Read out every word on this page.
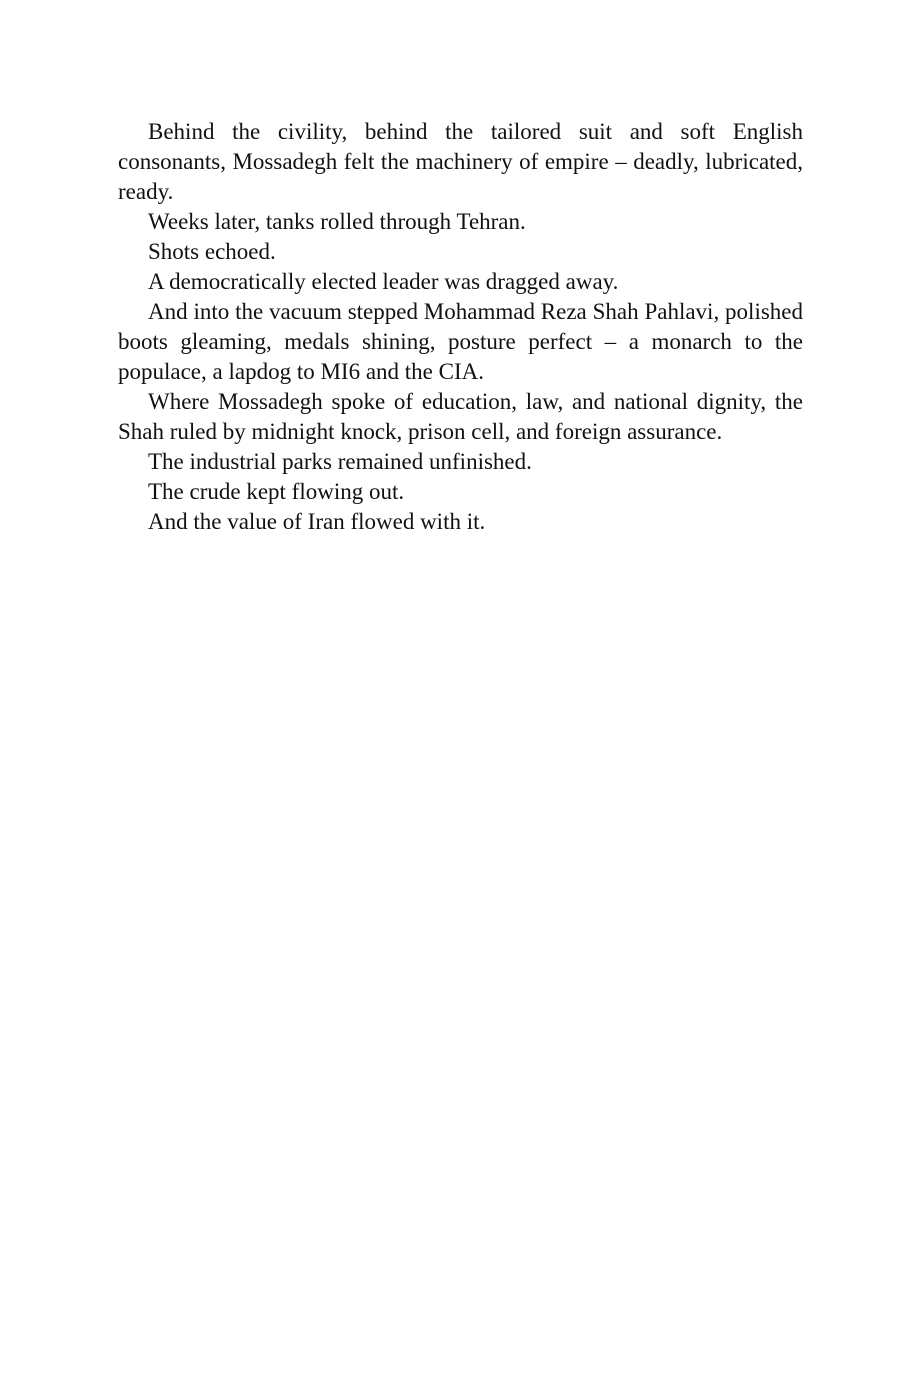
Behind the civility, behind the tailored suit and soft English consonants, Mossadegh felt the machinery of empire – deadly, lubricated, ready.

Weeks later, tanks rolled through Tehran.

Shots echoed.

A democratically elected leader was dragged away.

And into the vacuum stepped Mohammad Reza Shah Pahlavi, polished boots gleaming, medals shining, posture perfect – a monarch to the populace, a lapdog to MI6 and the CIA.

Where Mossadegh spoke of education, law, and national dignity, the Shah ruled by midnight knock, prison cell, and foreign assurance.

The industrial parks remained unfinished.

The crude kept flowing out.

And the value of Iran flowed with it.
